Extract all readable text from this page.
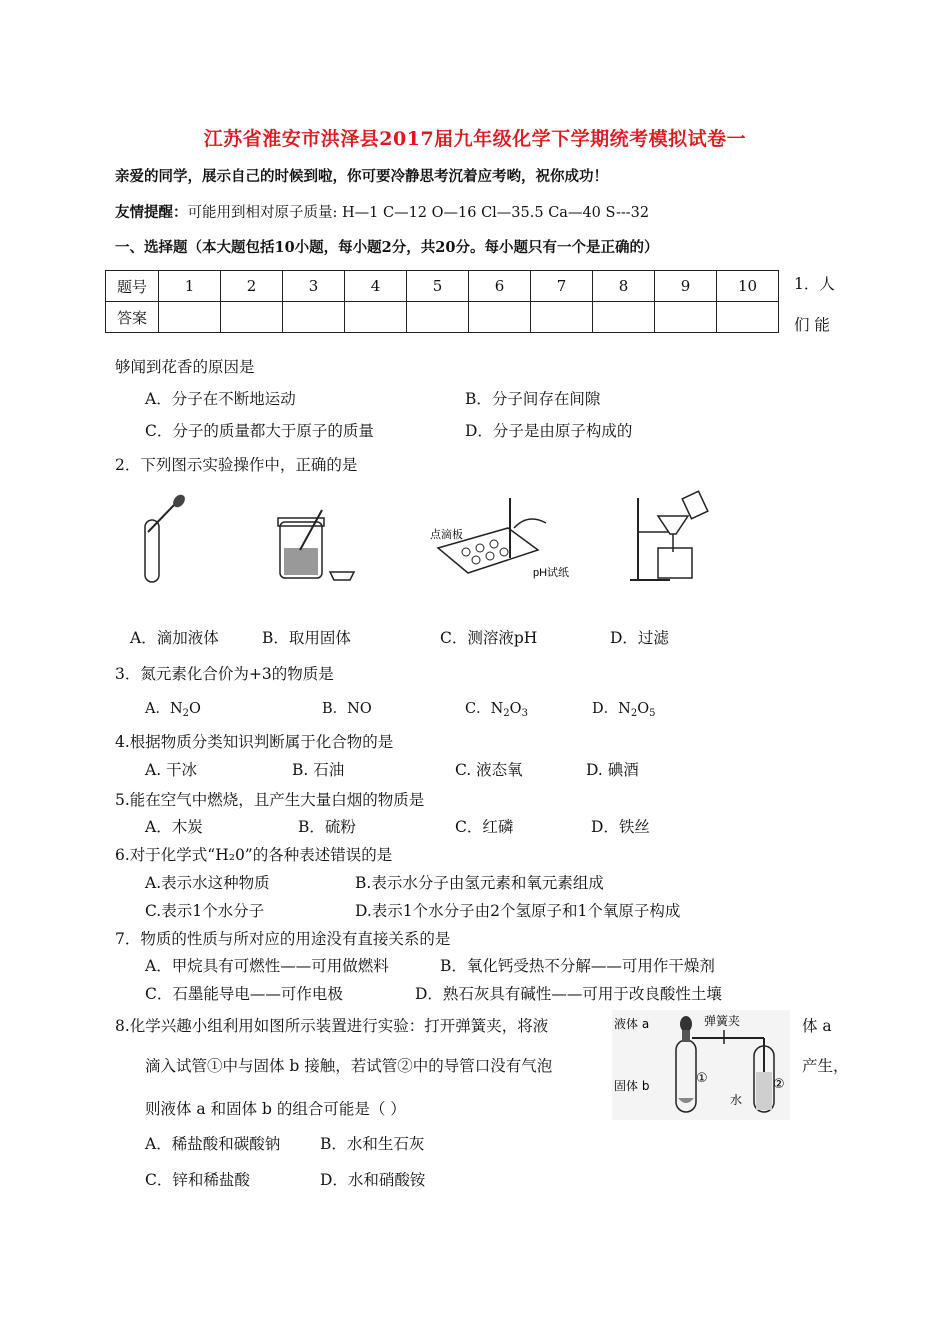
江苏省淮安市洪泽县2017届九年级化学下学期统考模拟试卷一
亲爱的同学，展示自己的时候到啦，你可要冷静思考沉着应考哟，祝你成功！
友情提醒：可能用到相对原子质量: H—1 C—12 O—16 Cl—35.5 Ca—40 S---32
一、选择题（本大题包括10小题，每小题2分，共20分。每小题只有一个是正确的）
题号	1	2	3	4	5	6	7	8	9	10
答案										
1．人
们 能
够闻到花香的原因是
A．分子在不断地运动	B．分子间存在间隙
C．分子的质量都大于原子的质量	D．分子是由原子构成的
2．下列图示实验操作中，正确的是
点滴板
pH试纸
A．滴加液体	B．取用固体	C．测溶液pH	D．过滤
3．氮元素化合价为+3的物质是
A．$N_2O$	B．NO	C．$N_2O_3$	D．$N_2O_5$
4.根据物质分类知识判断属于化合物的是
A. 干冰	B. 石油	C. 液态氧	D. 碘酒
5.能在空气中燃烧，且产生大量白烟的物质是
A．木炭	B．硫粉	C．红磷	D．铁丝
6.对于化学式“H₂0”的各种表述错误的是
A.表示水这种物质	B.表示水分子由氢元素和氧元素组成
C.表示1个水分子	D.表示1个水分子由2个氢原子和1个氧原子构成
7．物质的性质与所对应的用途没有直接关系的是
A．甲烷具有可燃性——可用做燃料	B．氧化钙受热不分解——可用作干燥剂
C．石墨能导电——可作电极	D．熟石灰具有碱性——可用于改良酸性土壤
8.化学兴趣小组利用如图所示装置进行实验：打开弹簧夹，将液	体 a
滴入试管①中与固体 b 接触，若试管②中的导管口没有气泡	产生，
则液体 a 和固体 b 的组合可能是（ ）
液体 a	弹簧夹
固体 b	①
水
②
A．稀盐酸和碳酸钠	B．水和生石灰
C．锌和稀盐酸	D．水和硝酸铵
